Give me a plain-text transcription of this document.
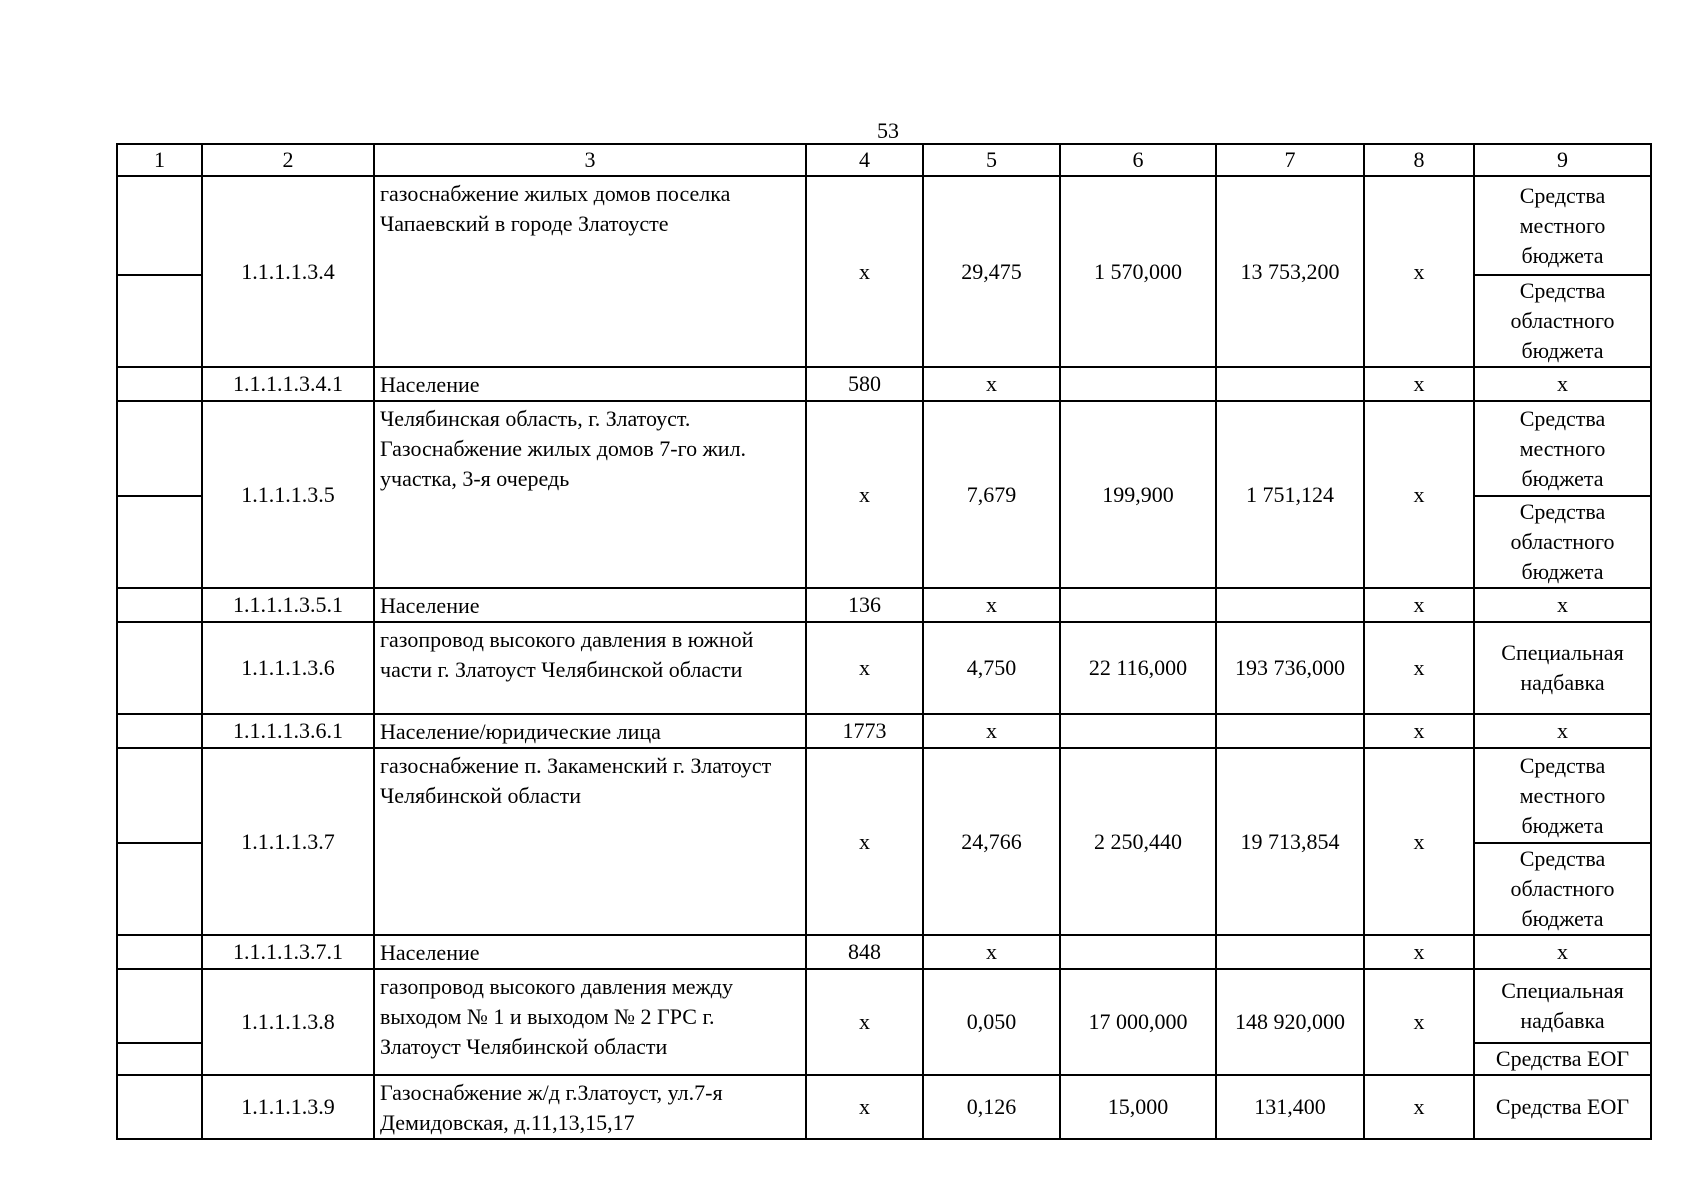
53
1	2	3	4	5	6	7	8	9
	1.1.1.1.3.4	газоснабжение жилых домов поселка Чапаевский в городе Златоусте	х	29,475	1 570,000	13 753,200	х	Средства местного бюджета
								Средства областного бюджета
	1.1.1.1.3.4.1	Население	580	х			х	х
	1.1.1.1.3.5	Челябинская область, г. Златоуст. Газоснабжение жилых домов 7-го жил. участка, 3-я очередь	х	7,679	199,900	1 751,124	х	Средства местного бюджета
								Средства областного бюджета
	1.1.1.1.3.5.1	Население	136	х			х	х
	1.1.1.1.3.6	газопровод высокого давления в южной части г. Златоуст Челябинской области	х	4,750	22 116,000	193 736,000	х	Специальная надбавка
	1.1.1.1.3.6.1	Население/юридические лица	1773	х			х	х
	1.1.1.1.3.7	газоснабжение п. Закаменский г. Златоуст Челябинской области	х	24,766	2 250,440	19 713,854	х	Средства местного бюджета
								Средства областного бюджета
	1.1.1.1.3.7.1	Население	848	х			х	х
	1.1.1.1.3.8	газопровод высокого давления между выходом № 1 и выходом № 2 ГРС г. Златоуст Челябинской области	х	0,050	17 000,000	148 920,000	х	Специальная надбавка
								Средства ЕОГ
	1.1.1.1.3.9	Газоснабжение ж/д г.Златоуст, ул.7-я Демидовская, д.11,13,15,17	х	0,126	15,000	131,400	х	Средства ЕОГ
